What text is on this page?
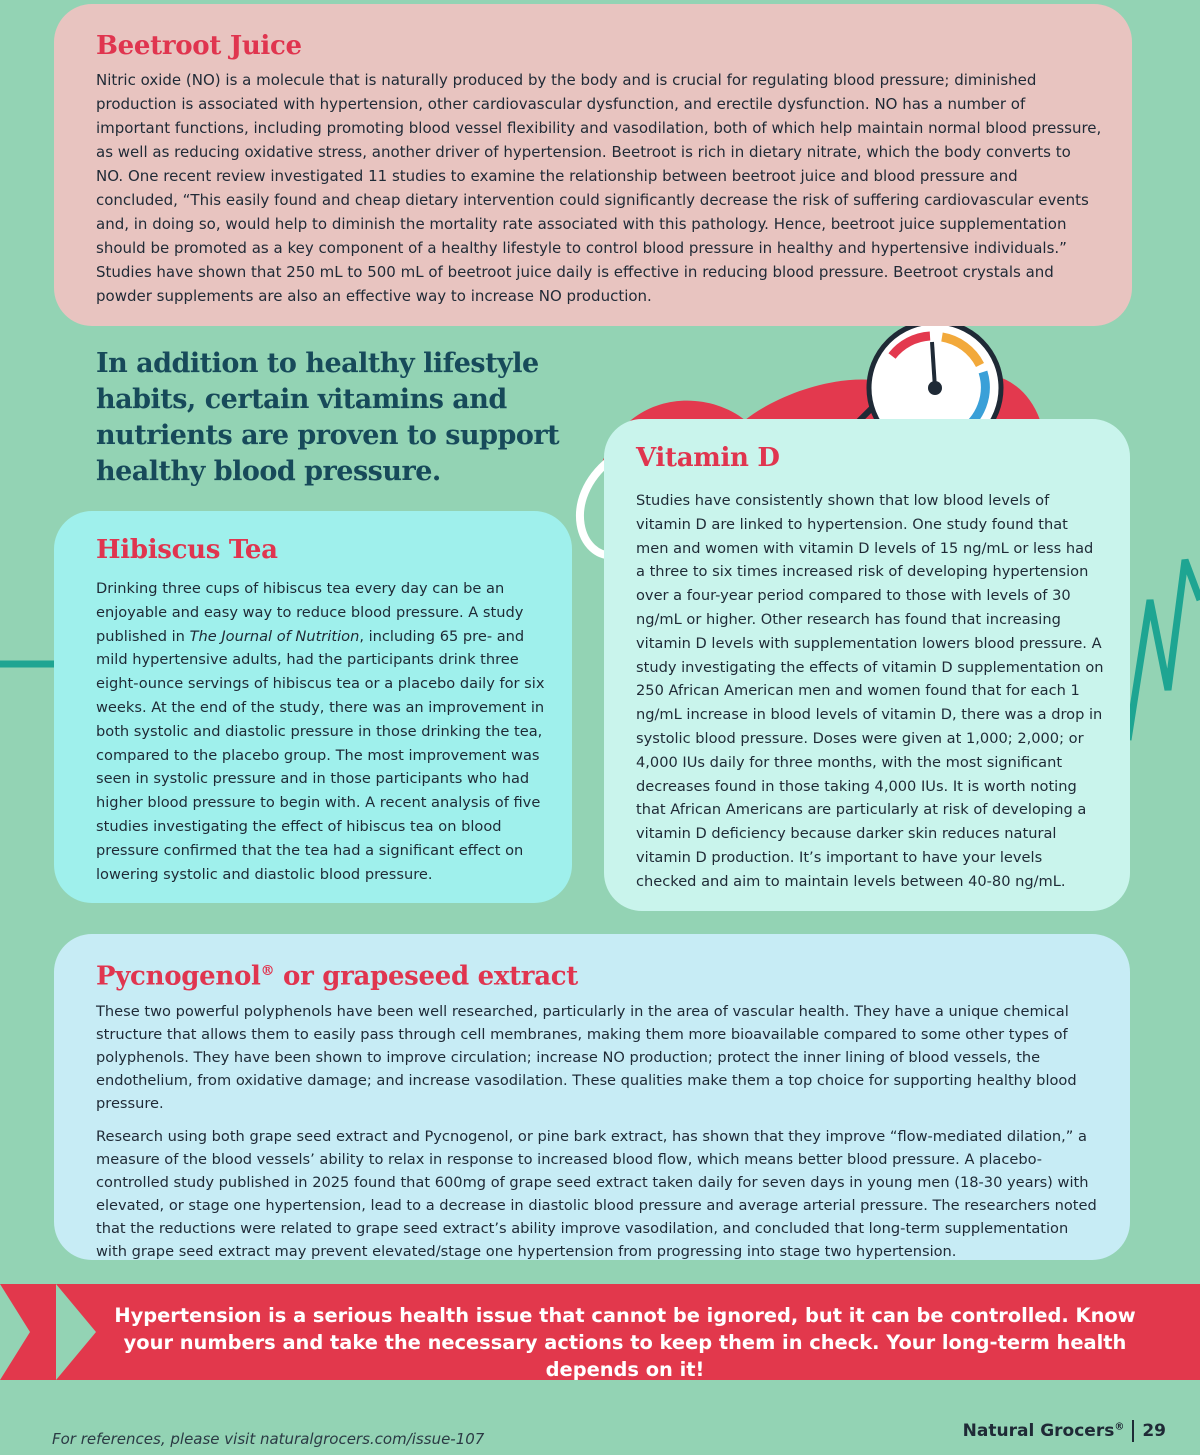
Beetroot Juice

Nitric oxide (NO) is a molecule that is naturally produced by the body and is crucial for regulating blood pressure; diminished production is associated with hypertension, other cardiovascular dysfunction, and erectile dysfunction. NO has a number of important functions, including promoting blood vessel flexibility and vasodilation, both of which help maintain normal blood pressure, as well as reducing oxidative stress, another driver of hypertension. Beetroot is rich in dietary nitrate, which the body converts to NO. One recent review investigated 11 studies to examine the relationship between beetroot juice and blood pressure and concluded, “This easily found and cheap dietary intervention could significantly decrease the risk of suffering cardiovascular events and, in doing so, would help to diminish the mortality rate associated with this pathology. Hence, beetroot juice supplementation should be promoted as a key component of a healthy lifestyle to control blood pressure in healthy and hypertensive individuals.” Studies have shown that 250 mL to 500 mL of beetroot juice daily is effective in reducing blood pressure. Beetroot crystals and powder supplements are also an effective way to increase NO production.

In addition to healthy lifestyle habits, certain vitamins and nutrients are proven to support healthy blood pressure.
Hibiscus Tea

Drinking three cups of hibiscus tea every day can be an enjoyable and easy way to reduce blood pressure. A study published in The Journal of Nutrition, including 65 pre- and mild hypertensive adults, had the participants drink three eight-ounce servings of hibiscus tea or a placebo daily for six weeks. At the end of the study, there was an improvement in both systolic and diastolic pressure in those drinking the tea, compared to the placebo group. The most improvement was seen in systolic pressure and in those participants who had higher blood pressure to begin with. A recent analysis of five studies investigating the effect of hibiscus tea on blood pressure confirmed that the tea had a significant effect on lowering systolic and diastolic blood pressure.

Vitamin D

Studies have consistently shown that low blood levels of vitamin D are linked to hypertension. One study found that men and women with vitamin D levels of 15 ng/mL or less had a three to six times increased risk of developing hypertension over a four-year period compared to those with levels of 30 ng/mL or higher. Other research has found that increasing vitamin D levels with supplementation lowers blood pressure. A study investigating the effects of vitamin D supplementation on 250 African American men and women found that for each 1 ng/mL increase in blood levels of vitamin D, there was a drop in systolic blood pressure. Doses were given at 1,000; 2,000; or 4,000 IUs daily for three months, with the most significant decreases found in those taking 4,000 IUs. It is worth noting that African Americans are particularly at risk of developing a vitamin D deficiency because darker skin reduces natural vitamin D production. It’s important to have your levels checked and aim to maintain levels between 40-80 ng/mL.

Pycnogenol® or grapeseed extract

These two powerful polyphenols have been well researched, particularly in the area of vascular health. They have a unique chemical structure that allows them to easily pass through cell membranes, making them more bioavailable compared to some other types of polyphenols. They have been shown to improve circulation; increase NO production; protect the inner lining of blood vessels, the endothelium, from oxidative damage; and increase vasodilation. These qualities make them a top choice for supporting healthy blood pressure.

Research using both grape seed extract and Pycnogenol, or pine bark extract, has shown that they improve “flow-mediated dilation,” a measure of the blood vessels’ ability to relax in response to increased blood flow, which means better blood pressure. A placebo-controlled study published in 2025 found that 600mg of grape seed extract taken daily for seven days in young men (18-30 years) with elevated, or stage one hypertension, lead to a decrease in diastolic blood pressure and average arterial pressure. The researchers noted that the reductions were related to grape seed extract’s ability improve vasodilation, and concluded that long-term supplementation with grape seed extract may prevent elevated/stage one hypertension from progressing into stage two hypertension.

Hypertension is a serious health issue that cannot be ignored, but it can be controlled. Know your numbers and take the necessary actions to keep them in check. Your long-term health depends on it!

For references, please visit naturalgrocers.com/issue-107	Natural Grocers® 29
